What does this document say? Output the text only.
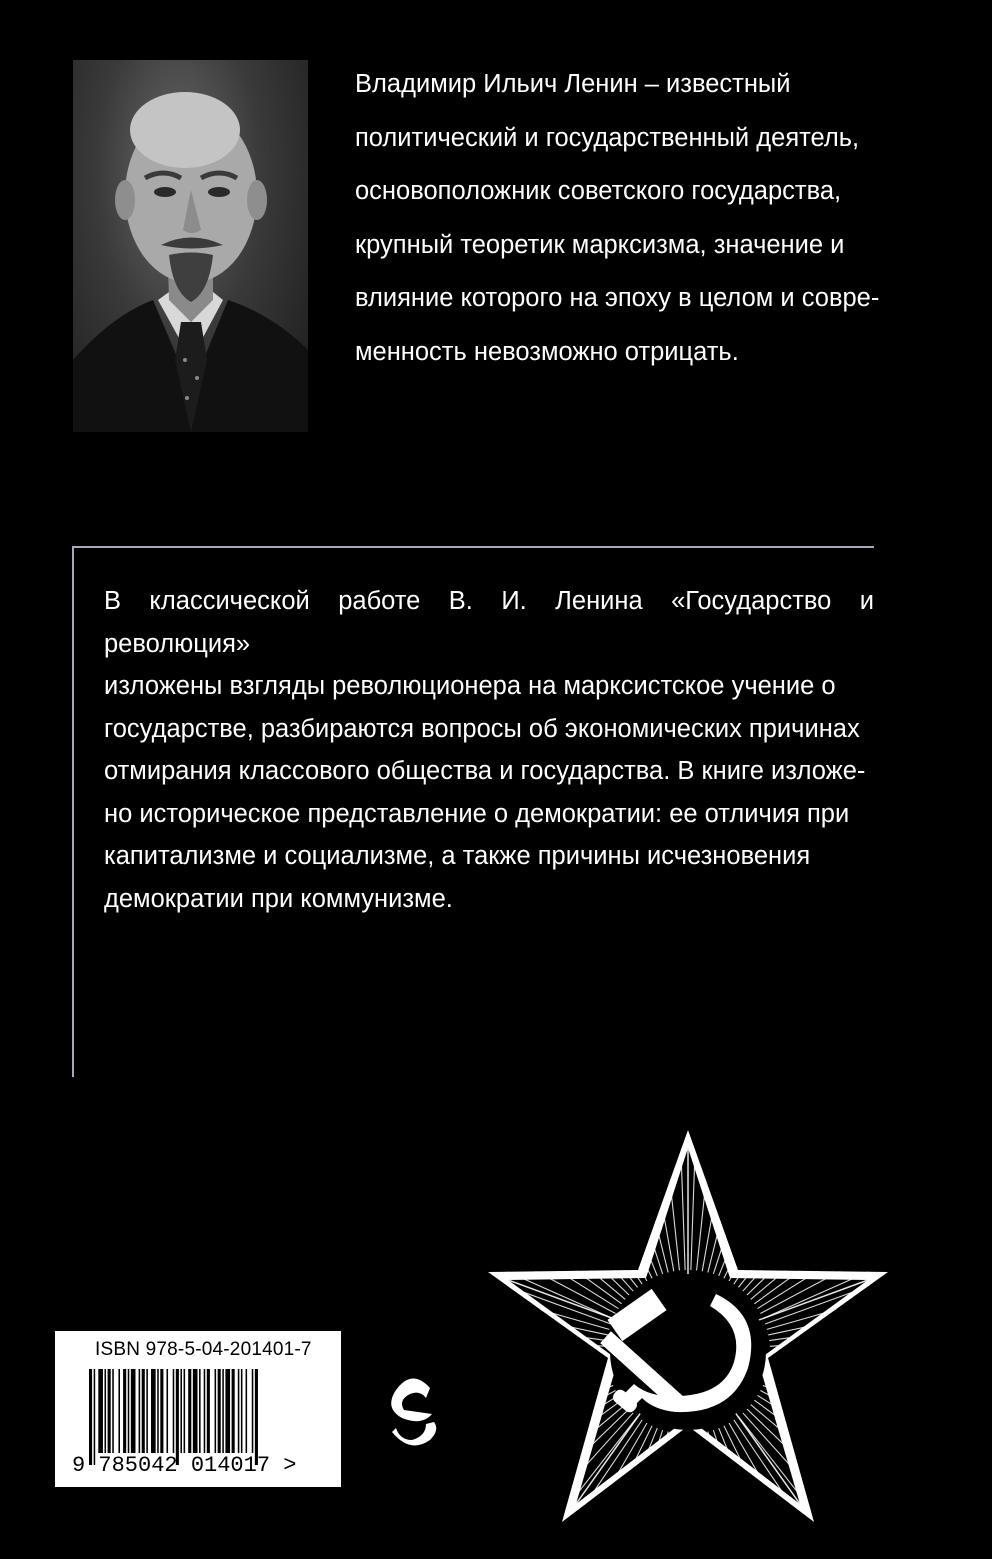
Владимир Ильич Ленин – известный
политический и государственный деятель,
основоположник советского государства,
крупный теоретик марксизма, значение и
влияние которого на эпоху в целом и совре-
менность невозможно отрицать.
В классической работе В. И. Ленина «Государство и революция»
изложены взгляды революционера на марксистское учение о
государстве, разбираются вопросы об экономических причинах
отмирания классового общества и государства. В книге изложе-
но историческое представление о демократии: ее отличия при
капитализме и социализме, а также причины исчезновения
демократии при коммунизме.
ISBN 978-5-04-201401-7
9 785042 014017 >
